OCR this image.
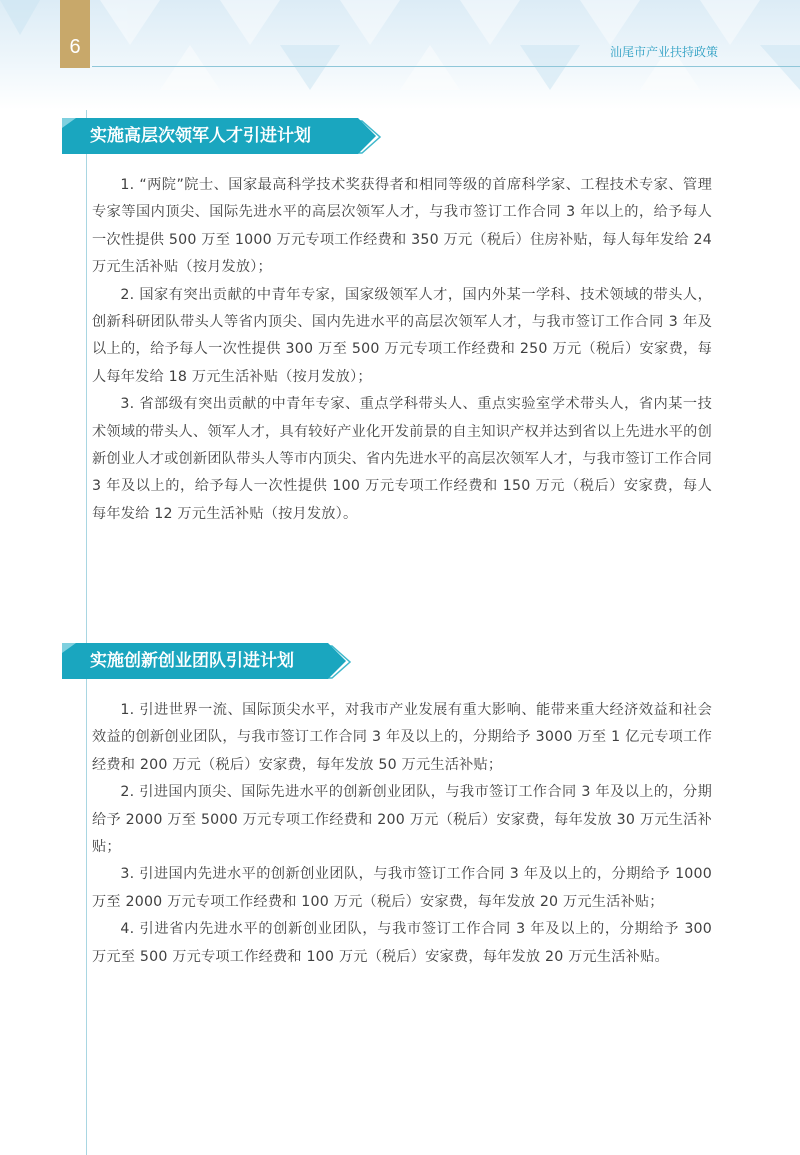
6	汕尾市产业扶持政策
实施高层次领军人才引进计划

1. “两院”院士、国家最高科学技术奖获得者和相同等级的首席科学家、工程技术专家、管理专家等国内顶尖、国际先进水平的高层次领军人才，与我市签订工作合同 3 年以上的，给予每人一次性提供 500 万至 1000 万元专项工作经费和 350 万元（税后）住房补贴，每人每年发给 24 万元生活补贴（按月发放）；

2. 国家有突出贡献的中青年专家，国家级领军人才，国内外某一学科、技术领域的带头人，创新科研团队带头人等省内顶尖、国内先进水平的高层次领军人才，与我市签订工作合同 3 年及以上的，给予每人一次性提供 300 万至 500 万元专项工作经费和 250 万元（税后）安家费，每人每年发给 18 万元生活补贴（按月发放）；

3. 省部级有突出贡献的中青年专家、重点学科带头人、重点实验室学术带头人，省内某一技术领域的带头人、领军人才，具有较好产业化开发前景的自主知识产权并达到省以上先进水平的创新创业人才或创新团队带头人等市内顶尖、省内先进水平的高层次领军人才，与我市签订工作合同 3 年及以上的，给予每人一次性提供 100 万元专项工作经费和 150 万元（税后）安家费，每人每年发给 12 万元生活补贴（按月发放）。

实施创新创业团队引进计划

1. 引进世界一流、国际顶尖水平，对我市产业发展有重大影响、能带来重大经济效益和社会效益的创新创业团队，与我市签订工作合同 3 年及以上的，分期给予 3000 万至 1 亿元专项工作经费和 200 万元（税后）安家费，每年发放 50 万元生活补贴；

2. 引进国内顶尖、国际先进水平的创新创业团队，与我市签订工作合同 3 年及以上的，分期给予 2000 万至 5000 万元专项工作经费和 200 万元（税后）安家费，每年发放 30 万元生活补贴；

3. 引进国内先进水平的创新创业团队，与我市签订工作合同 3 年及以上的，分期给予 1000 万至 2000 万元专项工作经费和 100 万元（税后）安家费，每年发放 20 万元生活补贴；

4. 引进省内先进水平的创新创业团队，与我市签订工作合同 3 年及以上的，分期给予 300 万元至 500 万元专项工作经费和 100 万元（税后）安家费，每年发放 20 万元生活补贴。
